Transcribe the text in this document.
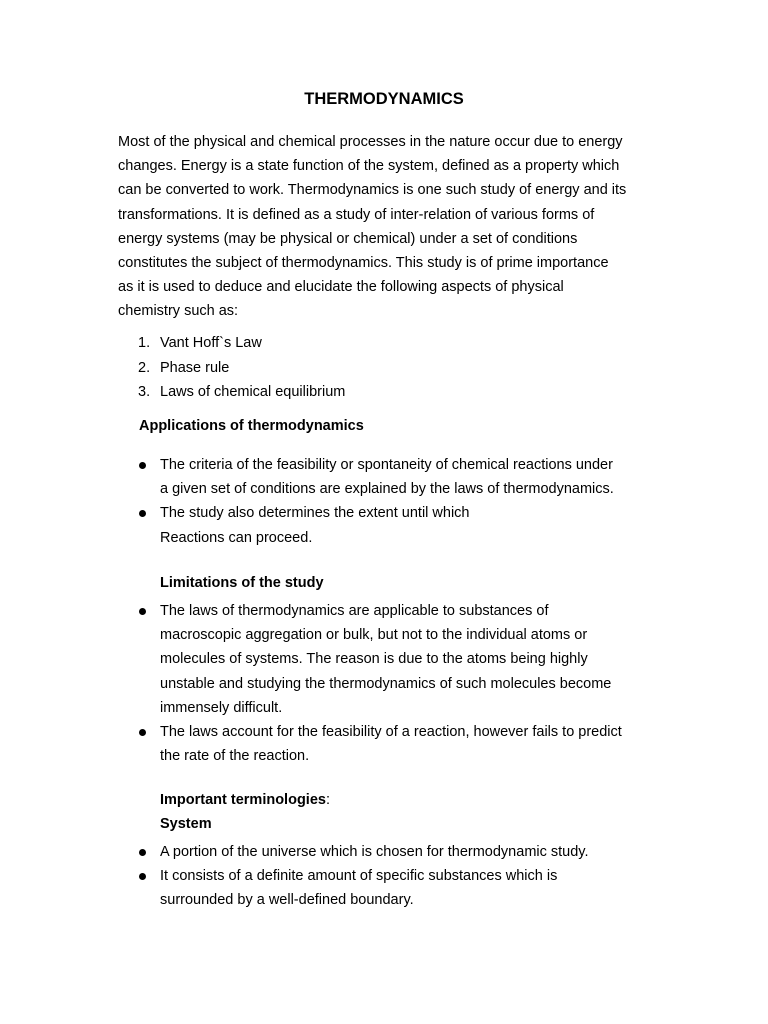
THERMODYNAMICS

Most of the physical and chemical processes in the nature occur due to energy
changes. Energy is a state function of the system, defined as a property which
can be converted to work. Thermodynamics is one such study of energy and its
transformations. It is defined as a study of inter-relation of various forms of
energy systems (may be physical or chemical) under a set of conditions
constitutes the subject of thermodynamics. This study is of prime importance
as it is used to deduce and elucidate the following aspects of physical
chemistry such as:

1. Vant Hoff`s Law
2. Phase rule
3. Laws of chemical equilibrium
Applications of thermodynamics
The criteria of the feasibility or spontaneity of chemical reactions under
a given set of conditions are explained by the laws of thermodynamics.
The study also determines the extent until which
Reactions can proceed.
Limitations of the study
The laws of thermodynamics are applicable to substances of
macroscopic aggregation or bulk, but not to the individual atoms or
molecules of systems. The reason is due to the atoms being highly
unstable and studying the thermodynamics of such molecules become
immensely difficult.
The laws account for the feasibility of a reaction, however fails to predict
the rate of the reaction.
Important terminologies:
System
A portion of the universe which is chosen for thermodynamic study.
It consists of a definite amount of specific substances which is
surrounded by a well-defined boundary.
